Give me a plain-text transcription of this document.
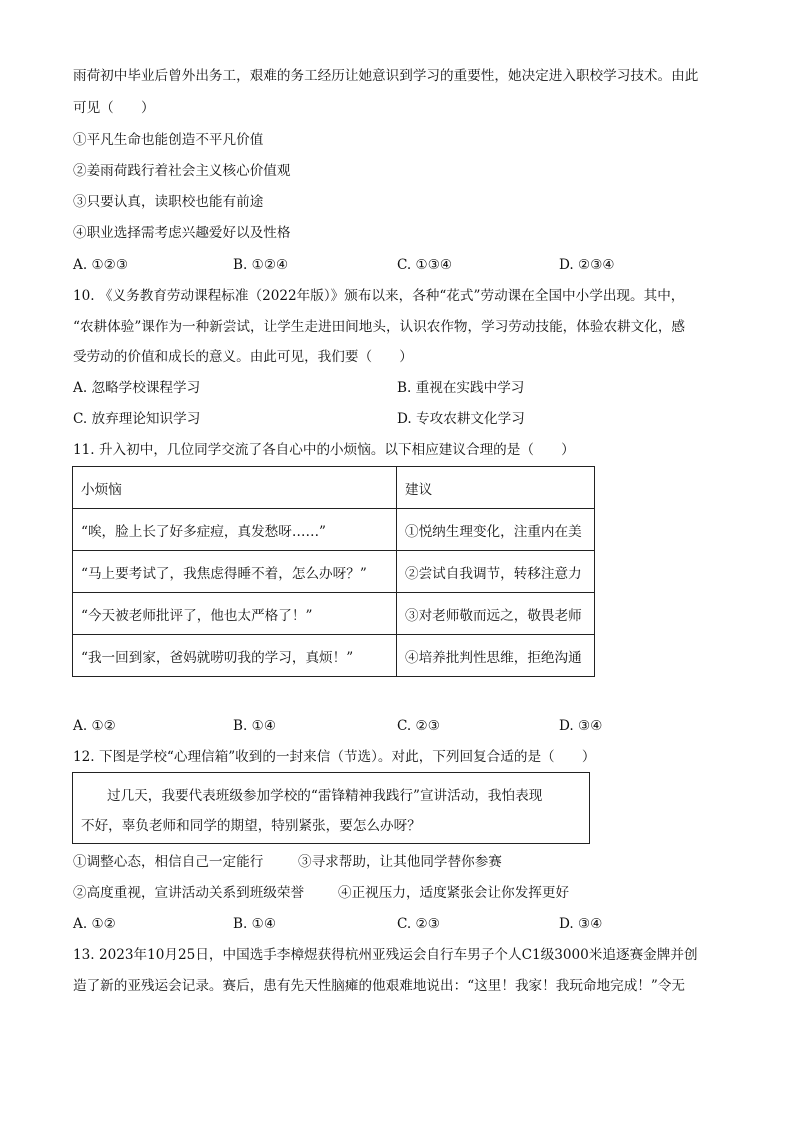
雨荷初中毕业后曾外出务工，艰难的务工经历让她意识到学习的重要性，她决定进入职校学习技术。由此
可见（　　）
①平凡生命也能创造不平凡价值
②姜雨荷践行着社会主义核心价值观
③只要认真，读职校也能有前途
④职业选择需考虑兴趣爱好以及性格
A. ①②③	B. ①②④	C. ①③④	D. ②③④
10. 《义务教育劳动课程标准（2022年版）》颁布以来，各种“花式”劳动课在全国中小学出现。其中，
“农耕体验”课作为一种新尝试，让学生走进田间地头，认识农作物，学习劳动技能，体验农耕文化，感
受劳动的价值和成长的意义。由此可见，我们要（　　）
A. 忽略学校课程学习	B. 重视在实践中学习
C. 放弃理论知识学习	D. 专攻农耕文化学习
11. 升入初中，几位同学交流了各自心中的小烦恼。以下相应建议合理的是（　　）
小烦恼	建议
“唉，脸上长了好多症痘，真发愁呀……”	①悦纳生理变化，注重内在美
“马上要考试了，我焦虑得睡不着，怎么办呀？”	②尝试自我调节，转移注意力
“今天被老师批评了，他也太严格了！”	③对老师敬而远之，敬畏老师
“我一回到家，爸妈就唠叨我的学习，真烦！”	④培养批判性思维，拒绝沟通
A. ①②	B. ①④	C. ②③	D. ③④
12. 下图是学校“心理信箱”收到的一封来信（节选）。对此，下列回复合适的是（　　）
过几天，我要代表班级参加学校的“雷锋精神我践行”宣讲活动，我怕表现
不好，辜负老师和同学的期望，特别紧张，要怎么办呀？
①调整心态，相信自己一定能行	③寻求帮助，让其他同学替你参赛
②高度重视，宣讲活动关系到班级荣誉 ④正视压力，适度紧张会让你发挥更好
A. ①②	B. ①④	C. ②③	D. ③④
13. 2023年10月25日，中国选手李樟煜获得杭州亚残运会自行车男子个人C1级3000米追逐赛金牌并创
造了新的亚残运会记录。赛后，患有先天性脑瘫的他艰难地说出：“这里！我家！我玩命地完成！”令无
